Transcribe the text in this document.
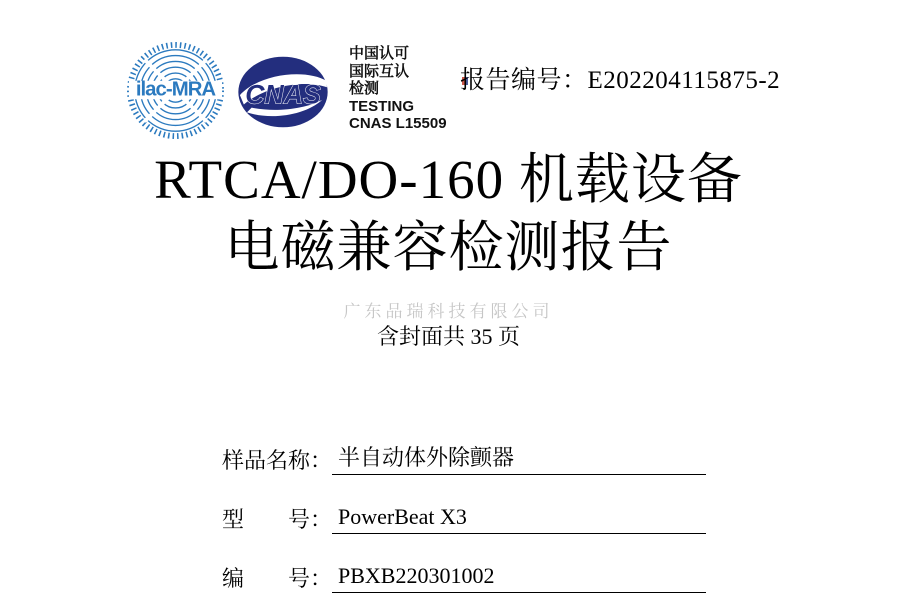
ilac-MRA CNAS
中国认可
国际互认
检测
TESTING
CNAS L15509
报告编号：E202204115875-2
RTCA/DO-160 机载设备
电磁兼容检测报告
广东品瑞科技有限公司
含封面共 35 页
样品名称 ： 半自动体外除颤器
型 号 ： PowerBeat X3
编 号 ： PBXB220301002
